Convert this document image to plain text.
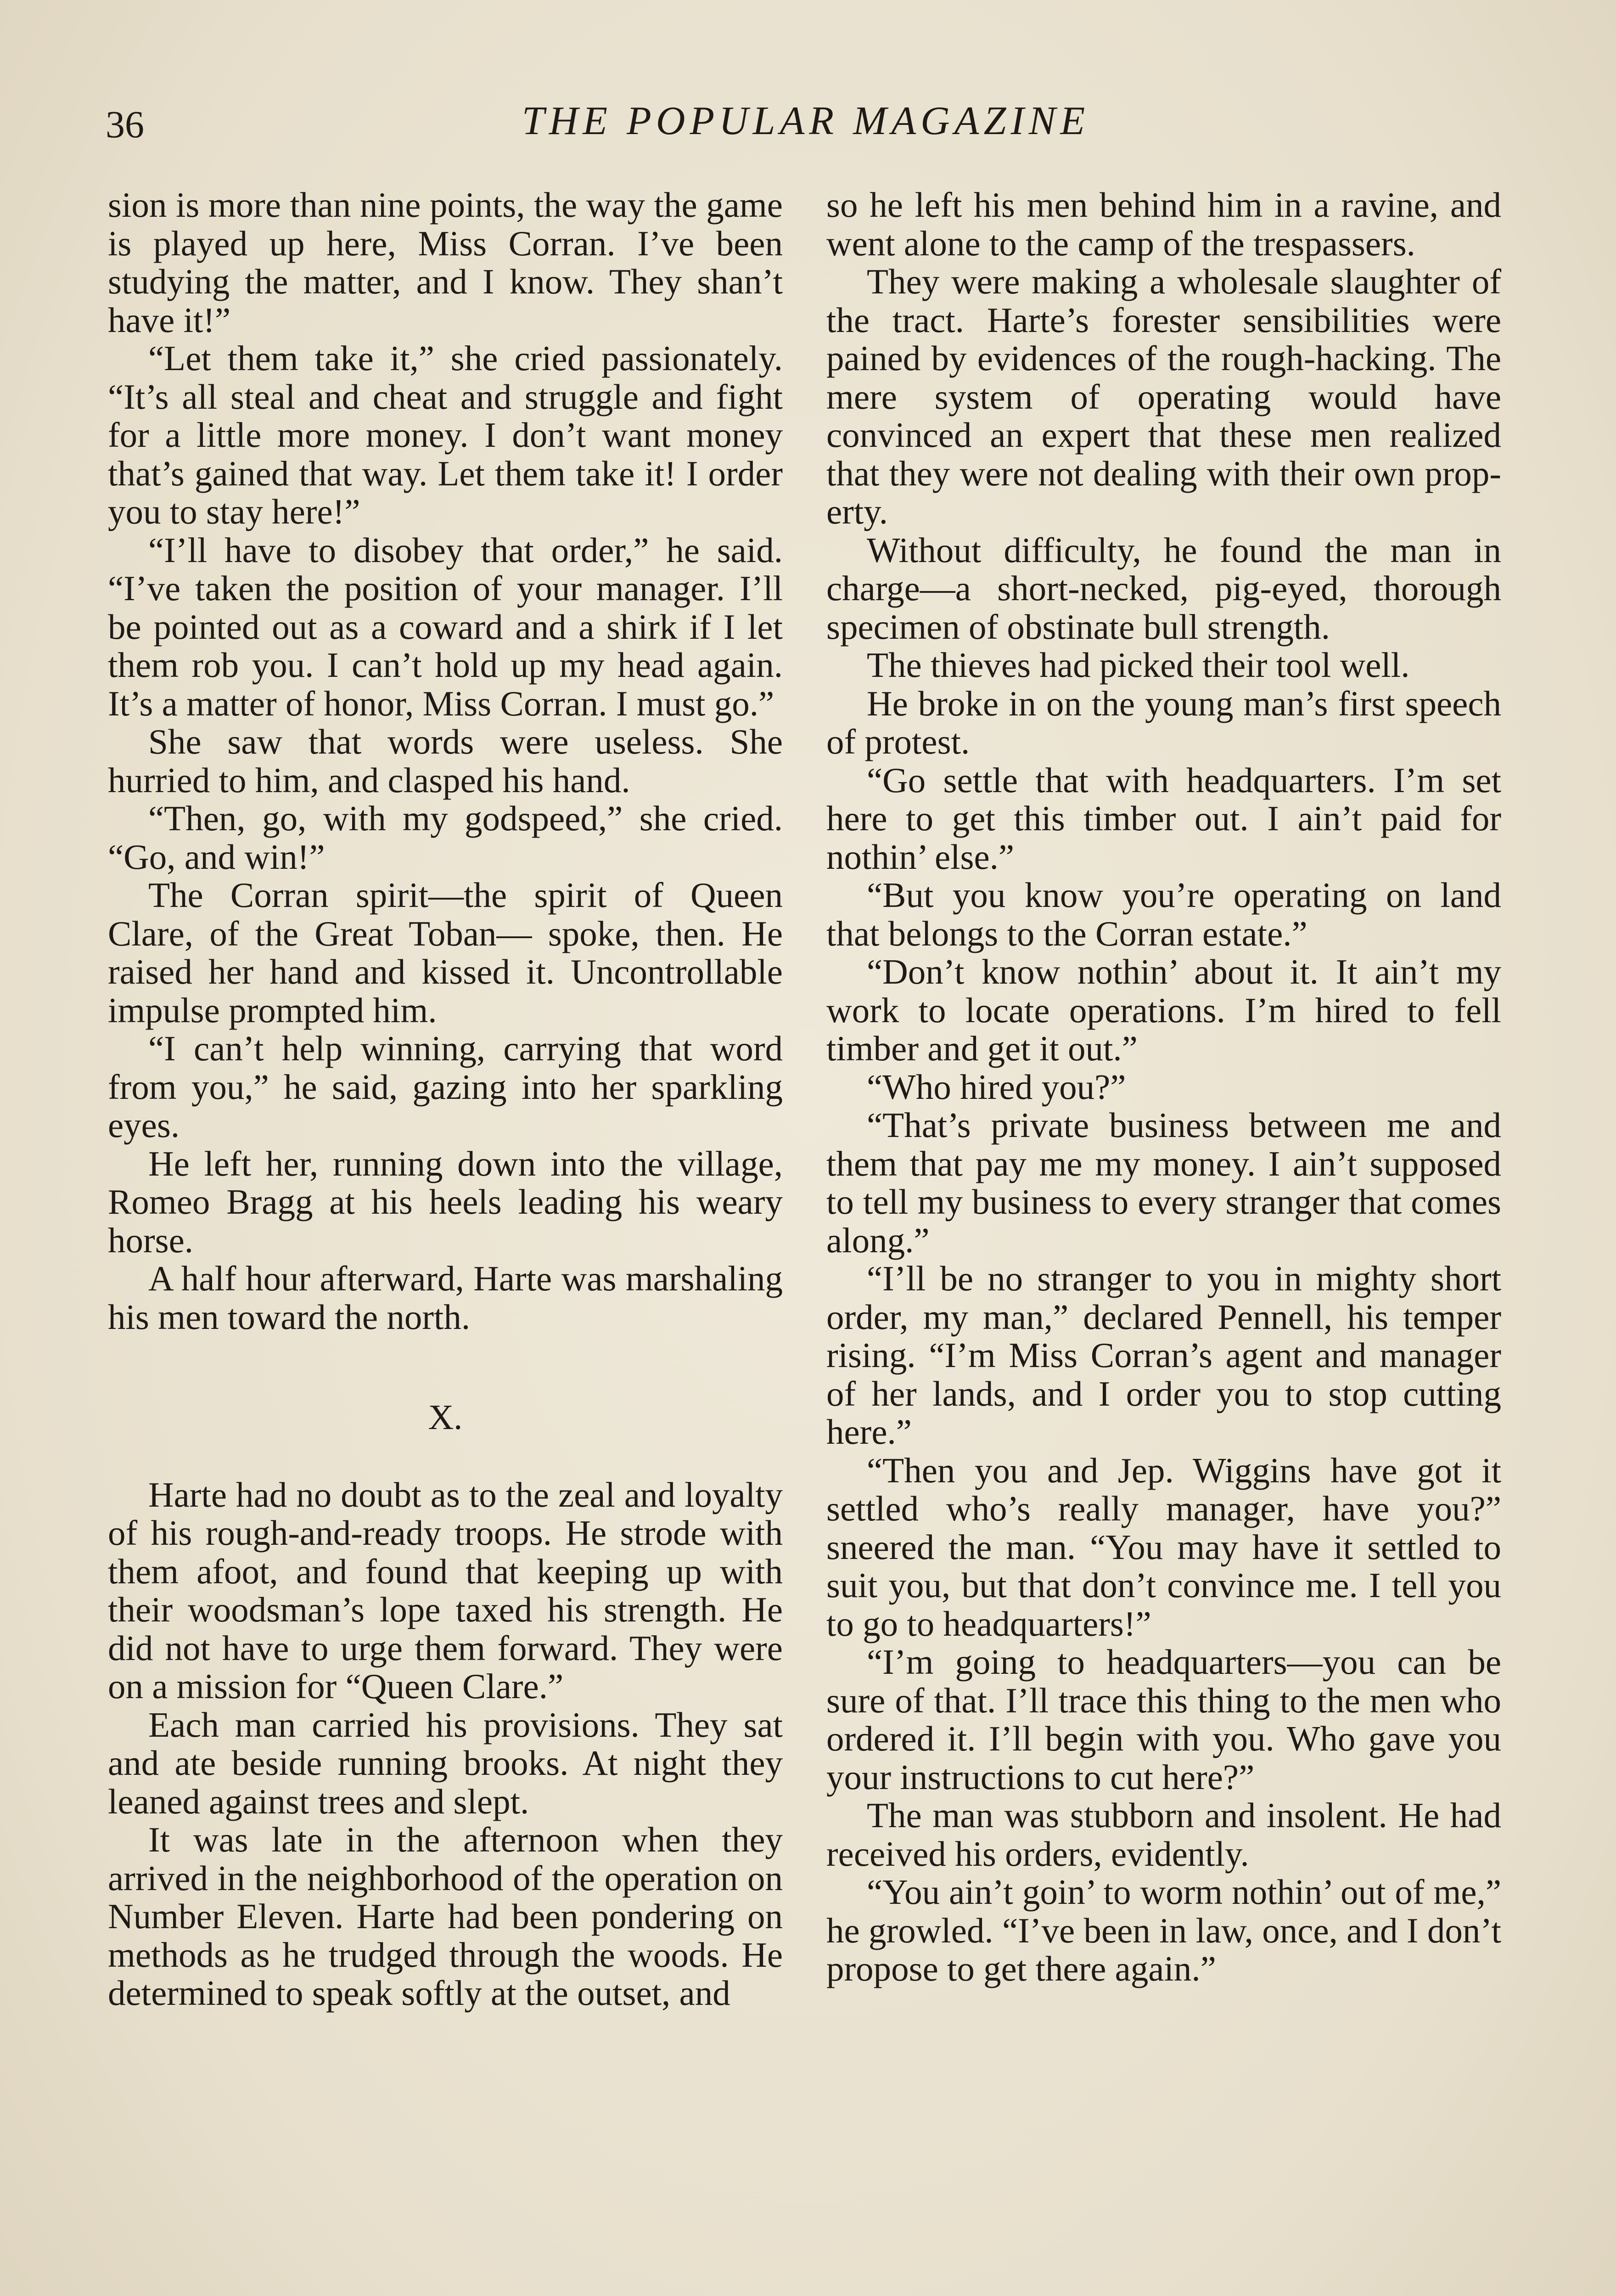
36	THE POPULAR MAGAZINE

sion is more than nine points, the way the game is played up here, Miss Corran. I’ve been studying the matter, and I know. They shan’t have it!”

“Let them take it,” she cried passionately. “It’s all steal and cheat and struggle and fight for a little more money. I don’t want money that’s gained that way. Let them take it! I order you to stay here!”

“I’ll have to disobey that order,” he said. “I’ve taken the position of your manager. I’ll be pointed out as a coward and a shirk if I let them rob you. I can’t hold up my head again. It’s a matter of honor, Miss Corran. I must go.”

She saw that words were useless. She hurried to him, and clasped his hand.

“Then, go, with my godspeed,” she cried. “Go, and win!”

The Corran spirit—the spirit of Queen Clare, of the Great Toban— spoke, then. He raised her hand and kissed it. Uncontrollable impulse prompted him.

“I can’t help winning, carrying that word from you,” he said, gazing into her sparkling eyes.

He left her, running down into the village, Romeo Bragg at his heels leading his weary horse.

A half hour afterward, Harte was marshaling his men toward the north.

X.

Harte had no doubt as to the zeal and loyalty of his rough-and-ready troops. He strode with them afoot, and found that keeping up with their woodsman’s lope taxed his strength. He did not have to urge them forward. They were on a mission for “Queen Clare.”

Each man carried his provisions. They sat and ate beside running brooks. At night they leaned against trees and slept.

It was late in the afternoon when they arrived in the neighborhood of the operation on Number Eleven. Harte had been pondering on methods as he trudged through the woods. He determined to speak softly at the outset, and

so he left his men behind him in a ravine, and went alone to the camp of the trespassers.

They were making a wholesale slaughter of the tract. Harte’s forester sensibilities were pained by evidences of the rough-hacking. The mere system of operating would have convinced an expert that these men realized that they were not dealing with their own property.

Without difficulty, he found the man in charge—a short-necked, pig-eyed, thorough specimen of obstinate bull strength.

The thieves had picked their tool well.

He broke in on the young man’s first speech of protest.

“Go settle that with headquarters. I’m set here to get this timber out. I ain’t paid for nothin’ else.”

“But you know you’re operating on land that belongs to the Corran estate.”

“Don’t know nothin’ about it. It ain’t my work to locate operations. I’m hired to fell timber and get it out.”

“Who hired you?”

“That’s private business between me and them that pay me my money. I ain’t supposed to tell my business to every stranger that comes along.”

“I’ll be no stranger to you in mighty short order, my man,” declared Pennell, his temper rising. “I’m Miss Corran’s agent and manager of her lands, and I order you to stop cutting here.”

“Then you and Jep. Wiggins have got it settled who’s really manager, have you?” sneered the man. “You may have it settled to suit you, but that don’t convince me. I tell you to go to headquarters!”

“I’m going to headquarters—you can be sure of that. I’ll trace this thing to the men who ordered it. I’ll begin with you. Who gave you your instructions to cut here?”

The man was stubborn and insolent. He had received his orders, evidently.

“You ain’t goin’ to worm nothin’ out of me,” he growled. “I’ve been in law, once, and I don’t propose to get there again.”
